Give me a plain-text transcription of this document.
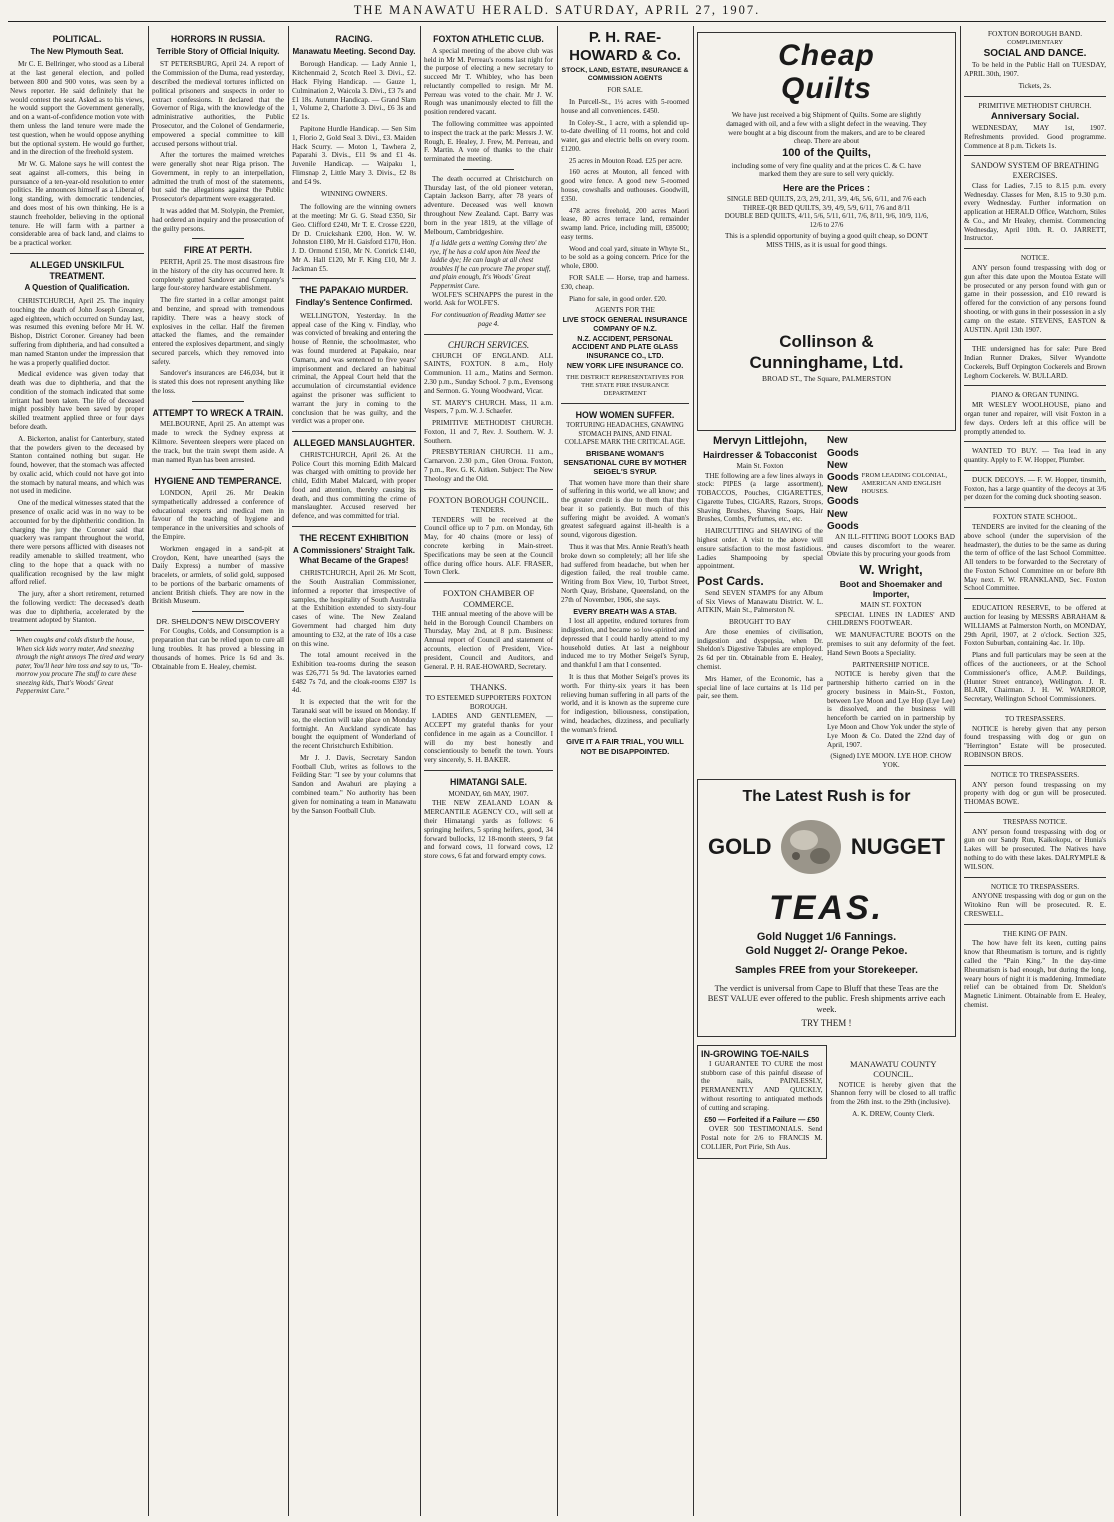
THE MANAWATU HERALD. SATURDAY, APRIL 27, 1907.
POLITICAL.
The New Plymouth Seat.

Mr C. E. Bellringer, who stood as a Liberal at the last general election, and polled between 800 and 900 votes, was seen by a News reporter. He said definitely that he would contest the seat. Asked as to his views, he would support the Government generally, and on a want-of-confidence motion vote with them unless the land tenure were made the test question, when he would oppose anything but the optional system. He would go further, and in the direction of the freehold system.

Mr W. G. Malone says he will contest the seat against all-comers, this being in pursuance of a ten-year-old resolution to enter politics. He announces himself as a Liberal of long standing, with democratic tendencies, and does most of his own thinking. He is a staunch freeholder, believing in the optional tenure. He will farm with a partner a considerable area of back land, and claims to be a practical worker.

ALLEGED UNSKILFUL TREATMENT.
A Question of Qualification.

CHRISTCHURCH, April 25. The inquiry touching the death of John Joseph Greaney, aged eighteen, which occurred on Sunday last, was resumed this evening before Mr H. W. Bishop, District Coroner. Greaney had been suffering from diphtheria, and had consulted a man named Stanton under the impression that he was a properly qualified doctor.

Medical evidence was given today that death was due to diphtheria, and that the condition of the stomach indicated that some irritant had been taken. The life of deceased might possibly have been saved by proper skilled treatment applied three or four days before death.

A. Bickerton, analist for Canterbury, stated that the powders given to the deceased by Stanton contained nothing but sugar. He found, however, that the stomach was affected by oxalic acid, which could not have got into the stomach by natural means, and which was not used in medicine.

One of the medical witnesses stated that the presence of oxalic acid was in no way to be accounted for by the diphtheritic condition. In charging the jury the Coroner said that quackery was rampant throughout the world, there were persons afflicted with diseases not readily amenable to skilled treatment, who cling to the hope that a quack with no qualification recognised by the law might afford relief.

The jury, after a short retirement, returned the following verdict: The deceased's death was due to diphtheria, accelerated by the treatment adopted by Stanton.

When coughs and colds disturb the house, When sick kids worry mater, And sneezing through the night annoys The tired and weary pater, You'll hear him toss and say to us, "To-morrow you procure The stuff to cure these sneezing kids, That's Woods' Great Peppermint Cure."
HORRORS IN RUSSIA.
Terrible Story of Official Iniquity.

ST PETERSBURG, April 24. A report of the Commission of the Duma, read yesterday, described the medieval tortures inflicted on political prisoners and suspects in order to extract confessions. It declared that the Governor of Riga, with the knowledge of the administrative authorities, the Public Prosecutor, and the Colonel of Gendarmerie, empowered a special committee to kill accused persons without trial.

After the tortures the maimed wretches were generally shot near Riga prison. The Government, in reply to an interpellation, admitted the truth of most of the statements, but said the allegations against the Public Prosecutor's department were exaggerated.

It was added that M. Stolypin, the Premier, had ordered an inquiry and the prosecution of the guilty persons.

FIRE AT PERTH.

PERTH, April 25. The most disastrous fire in the history of the city has occurred here. It completely gutted Sandover and Company's large four-storey hardware establishment.

The fire started in a cellar amongst paint and benzine, and spread with tremendous rapidity. There was a heavy stock of explosives in the cellar. Half the firemen attacked the flames, and the remainder entered the explosives department, and singly secured parcels, which they removed into safety.

Sandover's insurances are £46,034, but it is stated this does not represent anything like the loss.

ATTEMPT TO WRECK A TRAIN.

MELBOURNE, April 25. An attempt was made to wreck the Sydney express at Kilmore. Seventeen sleepers were placed on the track, but the train swept them aside. A man named Ryan has been arrested.

HYGIENE AND TEMPERANCE.

LONDON, April 26. Mr Deakin sympathetically addressed a conference of educational experts and medical men in favour of the teaching of hygiene and temperance in the universities and schools of the Empire.

Workmen engaged in a sand-pit at Croydon, Kent, have unearthed (says the Daily Express) a number of massive bracelets, or armlets, of solid gold, supposed to be portions of the barbaric ornaments of ancient British chiefs. They are now in the British Museum.

DR. SHELDON'S NEW DISCOVERY

For Coughs, Colds, and Consumption is a preparation that can be relied upon to cure all lung troubles. It has proved a blessing in thousands of homes. Price 1s 6d and 3s. Obtainable from E. Healey, chemist.

RACING.
Manawatu Meeting. Second Day.

Borough Handicap. — Lady Annie 1, Kitchenmaid 2, Scotch Reel 3. Divi., £2. Hack Flying Handicap. — Gauze 1, Culmination 2, Waicola 3. Divi., £3 7s and £1 18s. Autumn Handicap. — Grand Slam 1, Volume 2, Charlotte 3. Divi., £6 3s and £2 1s.

Papitone Hurdle Handicap. — Sen Sim 1, Florio 2, Gold Seal 3. Divi., £3. Maiden Hack Scurry. — Moton 1, Tawhera 2, Paparahi 3. Divis., £11 9s and £1 4s. Juvenile Handicap. — Waipaku 1, Flimsnap 2, Little Mary 3. Divis., £2 8s and £4 9s.

WINNING OWNERS.

The following are the winning owners at the meeting: Mr G. G. Stead £350, Sir Geo. Clifford £240, Mr T. E. Crosse £220, Dr D. Cruickshank £200, Hon. W. W. Johnston £180, Mr H. Gaisford £170, Hon. J. D. Ormond £150, Mr N. Conrick £140, Mr A. Hall £120, Mr F. King £10, Mr J. Jackman £5.

THE PAPAKAIO MURDER.
Findlay's Sentence Confirmed.

WELLINGTON, Yesterday. In the appeal case of the King v. Findlay, who was convicted of breaking and entering the house of Rennie, the schoolmaster, who was found murdered at Papakaio, near Oamaru, and was sentenced to five years' imprisonment and declared an habitual criminal, the Appeal Court held that the accumulation of circumstantial evidence against the prisoner was sufficient to warrant the jury in coming to the conclusion that he was guilty, and the verdict was a proper one.

ALLEGED MANSLAUGHTER.

CHRISTCHURCH, April 26. At the Police Court this morning Edith Malcard was charged with omitting to provide her child, Edith Mabel Malcard, with proper food and attention, thereby causing its death, and thus committing the crime of manslaughter. Accused reserved her defence, and was committed for trial.

THE RECENT EXHIBITION
A Commissioners' Straight Talk. What Became of the Grapes!

CHRISTCHURCH, April 26. Mr Scott, the South Australian Commissioner, informed a reporter that irrespective of samples, the hospitality of South Australia at the Exhibition extended to sixty-four cases of wine. The New Zealand Government had charged him duty amounting to £32, at the rate of 10s a case on this wine.

The total amount received in the Exhibition tea-rooms during the season was £26,771 5s 9d. The lavatories earned £482 7s 7d, and the cloak-rooms £397 1s 4d.

It is expected that the writ for the Taranaki seat will be issued on Monday. If so, the election will take place on Monday fortnight. An Auckland syndicate has bought the equipment of Wonderland of the recent Christchurch Exhibition.

Mr J. J. Davis, Secretary Sandon Football Club, writes as follows to the Feilding Star: "I see by your columns that Sandon and Awahuri are playing a combined team." No authority has been given for nominating a team in Manawatu by the Sanson Football Club.

FOXTON ATHLETIC CLUB.

A special meeting of the above club was held in Mr M. Perreau's rooms last night for the purpose of electing a new secretary to succeed Mr T. Whibley, who has been reluctantly compelled to resign. Mr M. Perreau was voted to the chair. Mr J. W. Rough was unanimously elected to fill the position rendered vacant.

The following committee was appointed to inspect the track at the park: Messrs J. W. Rough, E. Healey, J. Frew, M. Perreau, and F. Martin. A vote of thanks to the chair terminated the meeting.

The death occurred at Christchurch on Thursday last, of the old pioneer veteran, Captain Jackson Barry, after 78 years of adventure. Deceased was well known throughout New Zealand. Capt. Barry was born in the year 1819, at the village of Melbourn, Cambridgeshire.

If a liddle gets a wetting Coming thro' the rye, If he has a cold upon him Need the laddie dye; He can laugh at all chest troubles If he can procure The proper stuff, and plain enough, It's Woods' Great Peppermint Cure.

WOLFE'S SCHNAPPS the purest in the world. Ask for WOLFE'S.

For continuation of Reading Matter see page 4.
CHURCH SERVICES.

CHURCH OF ENGLAND. ALL SAINTS, FOXTON. 8 a.m., Holy Communion. 11 a.m., Matins and Sermon. 2.30 p.m., Sunday School. 7 p.m., Evensong and Sermon. G. Young Woodward, Vicar.

ST. MARY'S CHURCH. Mass, 11 a.m. Vespers, 7 p.m. W. J. Schaefer.

PRIMITIVE METHODIST CHURCH. Foxton, 11 and 7, Rev. J. Southern. W. J. Southern.

PRESBYTERIAN CHURCH. 11 a.m., Carnarvon. 2.30 p.m., Glen Oroua. Foxton, 7 p.m., Rev. G. K. Aitken. Subject: The New Theology and the Old.

FOXTON BOROUGH COUNCIL.
TENDERS.

TENDERS will be received at the Council office up to 7 p.m. on Monday, 6th May, for 40 chains (more or less) of concrete kerbing in Main-street. Specifications may be seen at the Council office during office hours. ALF. FRASER, Town Clerk.

FOXTON CHAMBER OF COMMERCE.

THE annual meeting of the above will be held in the Borough Council Chambers on Thursday, May 2nd, at 8 p.m. Business: Annual report of Council and statement of accounts, election of President, Vice-president, Council and Auditors, and General. P. H. RAE-HOWARD, Secretary.

THANKS.
TO ESTEEMED SUPPORTERS FOXTON BOROUGH.

LADIES AND GENTLEMEN, — ACCEPT my grateful thanks for your confidence in me again as a Councillor. I will do my best honestly and conscientiously to benefit the town. Yours very sincerely, S. H. BAKER.

HIMATANGI SALE.
MONDAY, 6th MAY, 1907.

THE NEW ZEALAND LOAN & MERCANTILE AGENCY CO., will sell at their Himatangi yards as follows: 6 springing heifers, 5 spring heifers, good, 34 forward bullocks, 12 18-month steers, 9 fat and forward cows, 11 forward cows, 12 store cows, 6 fat and forward empty cows.

P. H. RAE-HOWARD & Co.
STOCK, LAND, ESTATE, INSURANCE & COMMISSION AGENTS
FOR SALE.

In Purcell-St., 1½ acres with 5-roomed house and all conveniences. £450.

In Coley-St., 1 acre, with a splendid up-to-date dwelling of 11 rooms, hot and cold water, gas and electric bells on every room. £1200.

25 acres in Mouton Road. £25 per acre.

160 acres at Mouton, all fenced with good wire fence. A good new 5-roomed house, cowshalls and outhouses. Goodwill, £350.

478 acres freehold, 200 acres Maori lease, 80 acres terrace land, remainder swamp land. Price, including mill, £85000; easy terms.

Wood and coal yard, situate in Whyte St., to be sold as a going concern. Price for the whole, £800.

FOR SALE — Horse, trap and harness. £30, cheap.

Piano for sale, in good order. £20.

AGENTS FOR THE
LIVE STOCK GENERAL INSURANCE COMPANY OF N.Z.
N.Z. ACCIDENT, PERSONAL ACCIDENT AND PLATE GLASS INSURANCE CO., LTD.
NEW YORK LIFE INSURANCE CO.
THE DISTRICT REPRESENTATIVES FOR THE STATE FIRE INSURANCE DEPARTMENT
HOW WOMEN SUFFER.
TORTURING HEADACHES, GNAWING STOMACH PAINS, AND FINAL COLLAPSE MARK THE CRITICAL AGE.
BRISBANE WOMAN'S SENSATIONAL CURE BY MOTHER SEIGEL'S SYRUP.

That women have more than their share of suffering in this world, we all know; and the greater credit is due to them that they bear it so patiently. But much of this suffering might be avoided. A woman's greatest safeguard against ill-health is a sound, vigorous digestion.

Thus it was that Mrs. Annie Reath's heath broke down so completely; all her life she had suffered from headache, but when her digestion failed, the real trouble came. Writing from Box View, 10, Turbot Street, North Quay, Brisbane, Queensland, on the 27th of November, 1906, she says.

EVERY BREATH WAS A STAB.

I lost all appetite, endured tortures from indigestion, and became so low-spirited and depressed that I could hardly attend to my household duties. At last a neighbour induced me to try Mother Seigel's Syrup, and thankful I am that I consented.

It is thus that Mother Seigel's proves its worth. For thirty-six years it has been relieving human suffering in all parts of the world, and it is known as the supreme cure for indigestion, biliousness, constipation, wind, headaches, dizziness, and peculiarly the woman's friend.

GIVE IT A FAIR TRIAL, YOU WILL NOT BE DISAPPOINTED.
Cheap
Quilts
We have just received a big Shipment of Quilts. Some are slightly damaged with oil, and a few with a slight defect in the weaving. They were bought at a big discount from the makers, and are to be cleared cheap. There are about
100 of the Quilts,
including some of very fine quality and at the prices C. & C. have marked them they are sure to sell very quickly.
Here are the Prices :
SINGLE BED QUILTS, 2/3, 2/9, 2/11, 3/9, 4/6, 5/6, 6/11, and 7/6 each
THREE-QR BED QUILTS, 3/9, 4/9, 5/9, 6/11, 7/6 and 8/11
DOUBLE BED QUILTS, 4/11, 5/6, 5/11, 6/11, 7/6, 8/11, 9/6, 10/9, 11/6, 12/6 to 27/6
This is a splendid opportunity of buying a good quilt cheap, so DON'T MISS THIS, as it is usual for good things.
Collinson & Cunninghame, Ltd.
BROAD ST., The Square, PALMERSTON
Mervyn Littlejohn,
Hairdresser & Tobacconist
Main St. Foxton

THE following are a few lines always in stock: PIPES (a large assortment), TOBACCOS, Pouches, CIGARETTES, Cigarette Tubes, CIGARS, Razors, Strops, Shaving Brushes, Shaving Soaps, Hair Brushes, Combs, Perfumes, etc., etc.

HAIRCUTTING and SHAVING of the highest order. A visit to the above will ensure satisfaction to the most fastidious. Ladies Shampooing by special appointment.

Post Cards.

Send SEVEN STAMPS for any Album of Six Views of Manawatu District. W. L. AITKIN, Main St., Palmerston N.

BROUGHT TO BAY

Are those enemies of civilisation, indigestion and dyspepsia, when Dr. Sheldon's Digestive Tabules are employed. 2s 6d per tin. Obtainable from E. Healey, chemist.

Mrs Hamer, of the Economic, has a special line of lace curtains at 1s 11d per pair, see them.

New Goods
New Goods
New Goods
New Goods
FROM LEADING COLONIAL, AMERICAN AND ENGLISH HOUSES.

AN ILL-FITTING BOOT LOOKS BAD and causes discomfort to the wearer. Obviate this by procuring your goods from

W. Wright,
Boot and Shoemaker and Importer,
MAIN ST. FOXTON

SPECIAL LINES IN LADIES' AND CHILDREN'S FOOTWEAR.

WE MANUFACTURE BOOTS on the premises to suit any deformity of the feet. Hand Sewn Boots a Speciality.

PARTNERSHIP NOTICE.

NOTICE is hereby given that the partnership hitherto carried on in the grocery business in Main-St., Foxton, between Lye Moon and Lye Hop (Lye Lee) is dissolved, and the business will henceforth be carried on in partnership by Lye Moon and Chow Yok under the style of Lye Moon & Co. Dated the 22nd day of April, 1907.

(Signed) LYE MOON. LYE HOP. CHOW YOK.
The Latest Rush is for
GOLD	NUGGET
TEAS.
Gold Nugget 1/6 Fannings.
Gold Nugget 2/- Orange Pekoe.
Samples FREE from your Storekeeper.
The verdict is universal from Cape to Bluff that these Teas are the BEST VALUE ever offered to the public. Fresh shipments arrive each week.
TRY THEM !
IN-GROWING TOE-NAILS

I GUARANTEE TO CURE the most stubborn case of this painful disease of the nails, PAINLESSLY, PERMANENTLY AND QUICKLY, without resorting to antiquated methods of cutting and scraping.

£50 — Forfeited if a Failure — £50

OVER 500 TESTIMONIALS. Send Postal note for 2/6 to FRANCIS M. COLLIER, Port Pirie, Sth Aus.

MANAWATU COUNTY COUNCIL.

NOTICE is hereby given that the Shannon ferry will be closed to all traffic from the 26th inst. to the 29th (inclusive).

A. K. DREW, County Clerk.
FOXTON BOROUGH BAND.
COMPLIMENTARY
SOCIAL AND DANCE.

To be held in the Public Hall on TUESDAY, APRIL 30th, 1907.

Tickets, 2s.
PRIMITIVE METHODIST CHURCH.
Anniversary Social.

WEDNESDAY, MAY 1st, 1907. Refreshments provided. Good programme. Commence at 8 p.m. Tickets 1s.

SANDOW SYSTEM OF BREATHING EXERCISES.

Class for Ladies, 7.15 to 8.15 p.m. every Wednesday. Classes for Men, 8.15 to 9.30 p.m. every Wednesday. Further information on application at HERALD Office, Watchorn, Stiles & Co., and Mr Healey, chemist. Commencing Wednesday, April 10th. R. O. JARRETT, Instructor.

NOTICE.

ANY person found trespassing with dog or gun after this date upon the Moutoa Estate will be prosecuted or any person found with gun or game in their possession, and £10 reward is offered for the conviction of any persons found shooting, or with guns in their possession in a sly camp on the estate. STEVENS, EASTON & AUSTIN. April 13th 1907.

THE undersigned has for sale: Pure Bred Indian Runner Drakes, Silver Wyandotte Cockerels, Buff Orpington Cockerels and Brown Leghorn Cockerels. W. BULLARD.

PIANO & ORGAN TUNING.

MR WESLEY WOOLHOUSE, piano and organ tuner and repairer, will visit Foxton in a few days. Orders left at this office will be promptly attended to.

WANTED TO BUY. — Tea lead in any quantity. Apply to F. W. Hopper, Plumber.

DUCK DECOYS. — F. W. Hopper, tinsmith, Foxton, has a large quantity of the decoys at 3/6 per dozen for the coming duck shooting season.

FOXTON STATE SCHOOL.

TENDERS are invited for the cleaning of the above school (under the supervision of the headmaster), the duties to be the same as during the term of office of the last School Committee. All tenders to be forwarded to the Secretary of the Foxton School Committee on or before 8th May next. F. W. FRANKLAND, Sec. Foxton School Committee.

EDUCATION RESERVE, to be offered at auction for leasing by MESSRS ABRAHAM & WILLIAMS at Palmerston North, on MONDAY, 29th April, 1907, at 2 o'clock. Section 325, Foxton Suburban, containing 4ac. 1r. 10p.

Plans and full particulars may be seen at the offices of the auctioneers, or at the School Commissioner's office, A.M.P. Buildings, (Hunter Street entrance), Wellington. J. R. BLAIR, Chairman. J. H. W. WARDROP, Secretary, Wellington School Commissioners.

TO TRESPASSERS.

NOTICE is hereby given that any person found trespassing with dog or gun on "Herrington" Estate will be prosecuted. ROBINSON BROS.

NOTICE TO TRESPASSERS.

ANY person found trespassing on my property with dog or gun will be prosecuted. THOMAS BOWE.

TRESPASS NOTICE.

ANY person found trespassing with dog or gun on our Sandy Run, Kaikokopu, or Hunia's Lakes will be prosecuted. The Natives have nothing to do with these lakes. DALRYMPLE & WILSON.

NOTICE TO TRESPASSERS.

ANYONE trespassing with dog or gun on the Witokino Run will be prosecuted. R. E. CRESWELL.

THE KING OF PAIN.

The how have felt its keen, cutting pains know that Rheumatism is torture, and is rightly called the "Pain King." In the day-time Rheumatism is bad enough, but during the long, weary hours of night it is maddening. Immediate relief can be obtained from Dr. Sheldon's Magnetic Liniment. Obtainable from E. Healey, chemist.
